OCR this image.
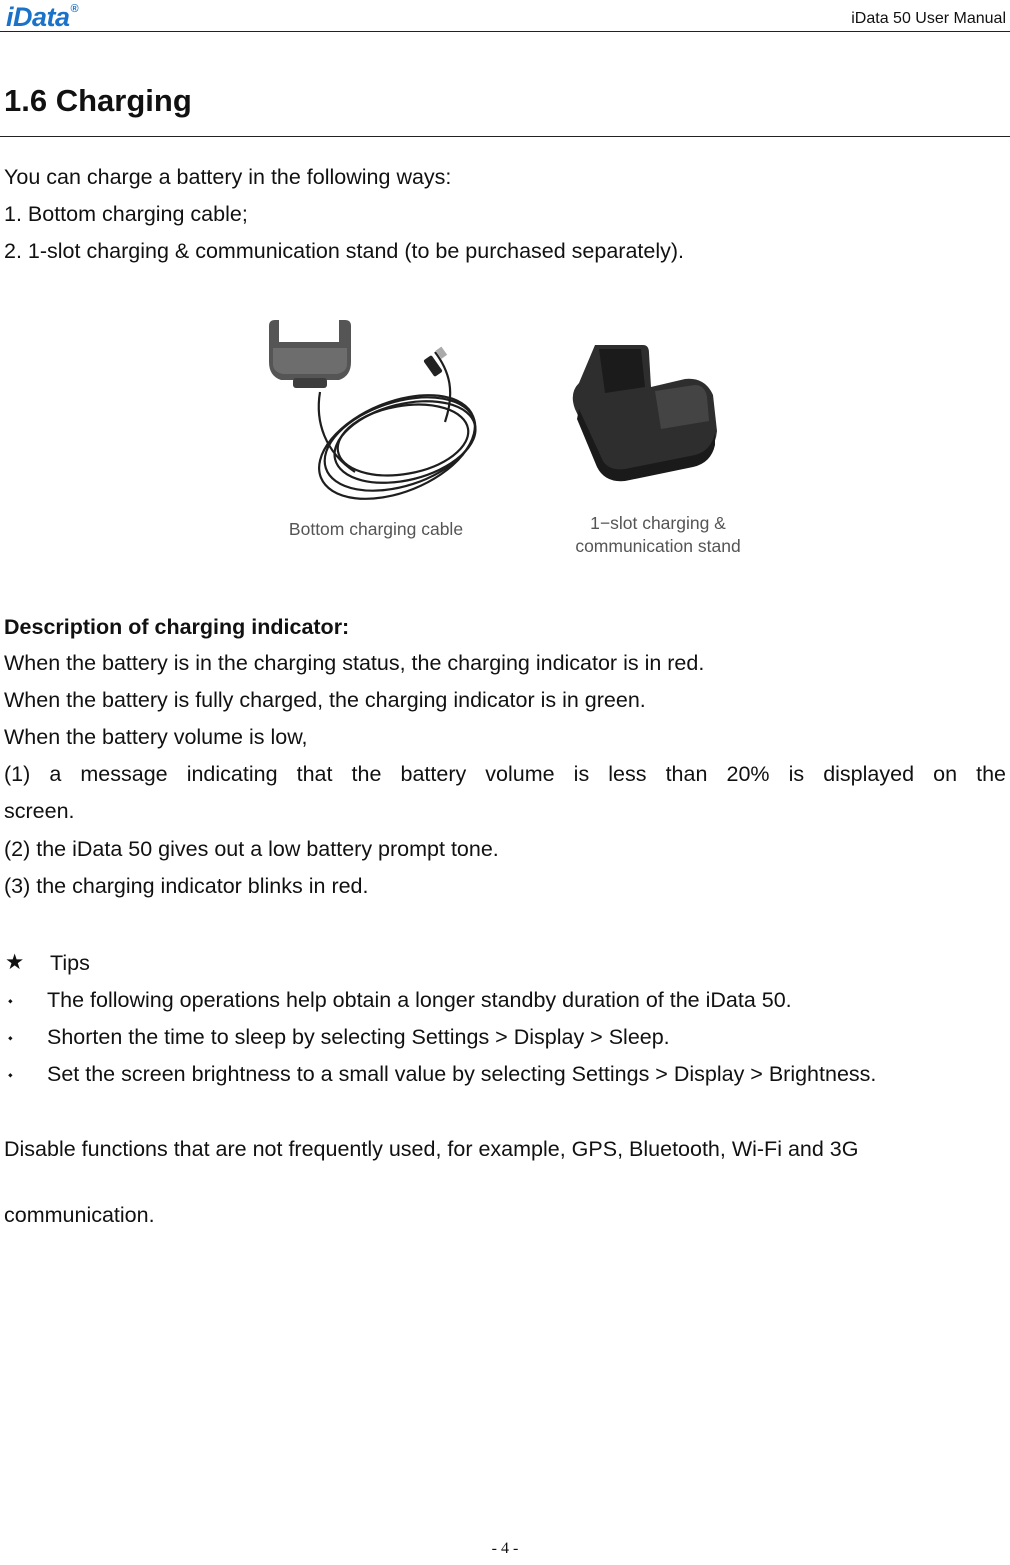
iData®
iData 50 User Manual
1.6 Charging
You can charge a battery in the following ways:
1. Bottom charging cable;
2. 1-slot charging & communication stand (to be purchased separately).
Bottom charging cable	1−slot charging &
communication stand
Description of charging indicator:
When the battery is in the charging status, the charging indicator is in red.
When the battery is fully charged, the charging indicator is in green.
When the battery volume is low,
(1) a message indicating that the battery volume is less than 20% is displayed on the
screen.
(2) the iData 50 gives out a low battery prompt tone.
(3) the charging indicator blinks in red.
★ Tips
⬩ The following operations help obtain a longer standby duration of the iData 50.
⬩ Shorten the time to sleep by selecting Settings > Display > Sleep.
⬩ Set the screen brightness to a small value by selecting Settings > Display > Brightness.
Disable functions that are not frequently used, for example, GPS, Bluetooth, Wi-Fi and 3G
communication.
- 4 -
